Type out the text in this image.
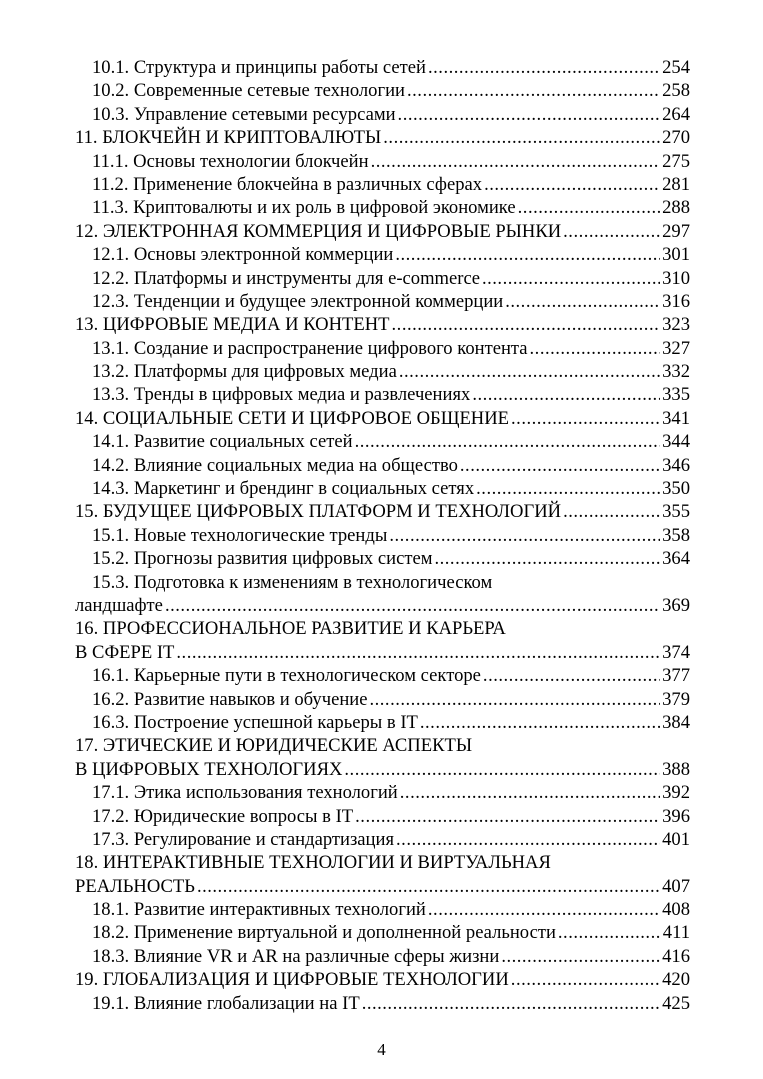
10.1. Структура и принципы работы сетей .....	254
10.2. Современные сетевые технологии .....	258
10.3. Управление сетевыми ресурсами .....	264
11. БЛОКЧЕЙН И КРИПТОВАЛЮТЫ .....	270
11.1. Основы технологии блокчейн .....	275
11.2. Применение блокчейна в различных сферах .....	281
11.3. Криптовалюты и их роль в цифровой экономике .....	288
12. ЭЛЕКТРОННАЯ КОММЕРЦИЯ И ЦИФРОВЫЕ РЫНКИ .....	297
12.1. Основы электронной коммерции .....	301
12.2. Платформы и инструменты для e-commerce .....	310
12.3. Тенденции и будущее электронной коммерции .....	316
13. ЦИФРОВЫЕ МЕДИА И КОНТЕНТ .....	323
13.1. Создание и распространение цифрового контента .....	327
13.2. Платформы для цифровых медиа .....	332
13.3. Тренды в цифровых медиа и развлечениях .....	335
14. СОЦИАЛЬНЫЕ СЕТИ И ЦИФРОВОЕ ОБЩЕНИЕ .....	341
14.1. Развитие социальных сетей .....	344
14.2. Влияние социальных медиа на общество .....	346
14.3. Маркетинг и брендинг в социальных сетях .....	350
15. БУДУЩЕЕ ЦИФРОВЫХ ПЛАТФОРМ И ТЕХНОЛОГИЙ .....	355
15.1. Новые технологические тренды .....	358
15.2. Прогнозы развития цифровых систем .....	364
15.3. Подготовка к изменениям в технологическом
ландшафте .....	369
16. ПРОФЕССИОНАЛЬНОЕ РАЗВИТИЕ И КАРЬЕРА
В СФЕРЕ IT .....	374
16.1. Карьерные пути в технологическом секторе .....	377
16.2. Развитие навыков и обучение .....	379
16.3. Построение успешной карьеры в IT .....	384
17. ЭТИЧЕСКИЕ И ЮРИДИЧЕСКИЕ АСПЕКТЫ
В ЦИФРОВЫХ ТЕХНОЛОГИЯХ .....	388
17.1. Этика использования технологий .....	392
17.2. Юридические вопросы в IT .....	396
17.3. Регулирование и стандартизация .....	401
18. ИНТЕРАКТИВНЫЕ ТЕХНОЛОГИИ И ВИРТУАЛЬНАЯ
РЕАЛЬНОСТЬ .....	407
18.1. Развитие интерактивных технологий .....	408
18.2. Применение виртуальной и дополненной реальности .....	411
18.3. Влияние VR и AR на различные сферы жизни .....	416
19. ГЛОБАЛИЗАЦИЯ И ЦИФРОВЫЕ ТЕХНОЛОГИИ .....	420
19.1. Влияние глобализации на IT .....	425
4
